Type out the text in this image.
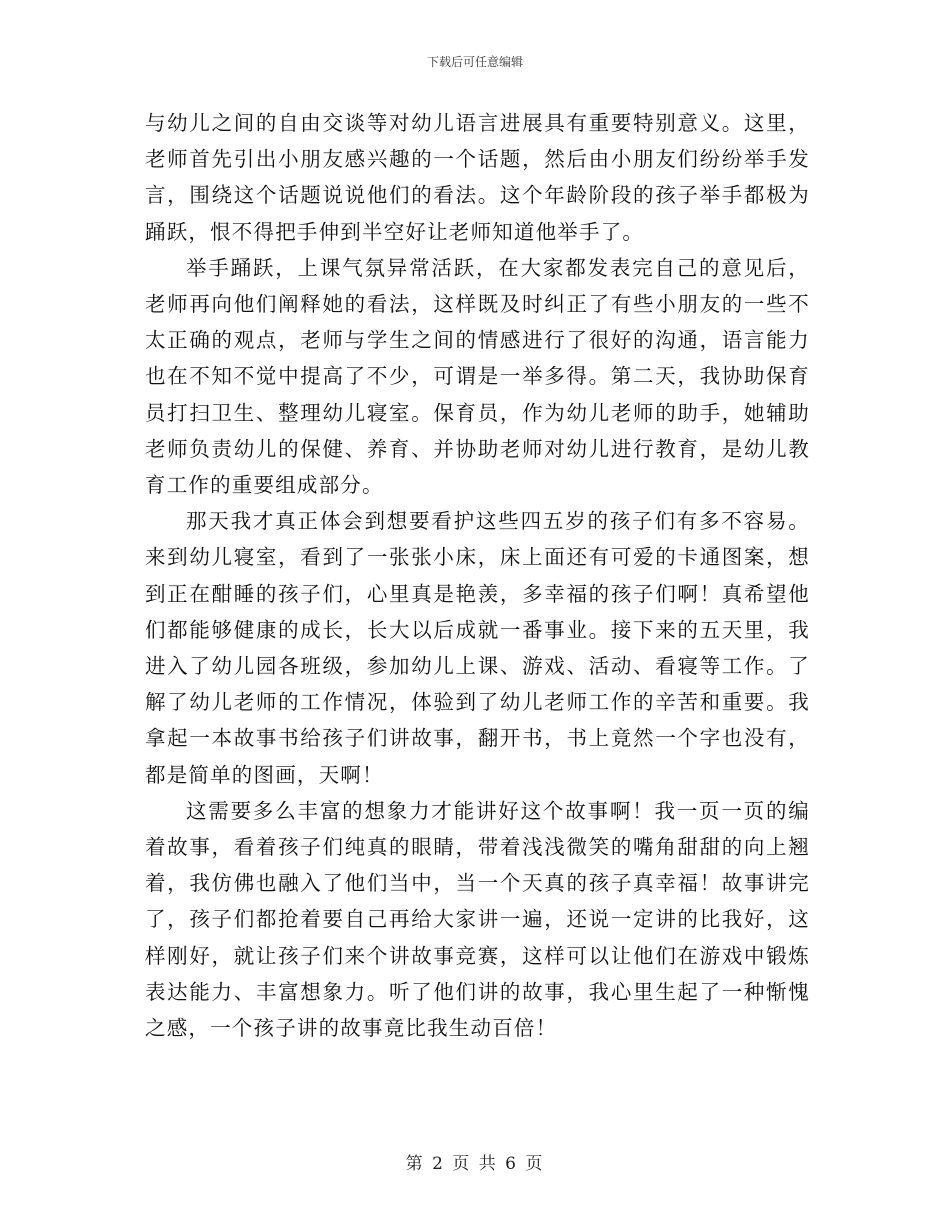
下载后可任意编辑

与幼儿之间的自由交谈等对幼儿语言进展具有重要特别意义。这里，老师首先引出小朋友感兴趣的一个话题，然后由小朋友们纷纷举手发言，围绕这个话题说说他们的看法。这个年龄阶段的孩子举手都极为踊跃，恨不得把手伸到半空好让老师知道他举手了。

举手踊跃，上课气氛异常活跃，在大家都发表完自己的意见后，老师再向他们阐释她的看法，这样既及时纠正了有些小朋友的一些不太正确的观点，老师与学生之间的情感进行了很好的沟通，语言能力也在不知不觉中提高了不少，可谓是一举多得。第二天，我协助保育员打扫卫生、整理幼儿寝室。保育员，作为幼儿老师的助手，她辅助老师负责幼儿的保健、养育、并协助老师对幼儿进行教育，是幼儿教育工作的重要组成部分。

那天我才真正体会到想要看护这些四五岁的孩子们有多不容易。来到幼儿寝室，看到了一张张小床，床上面还有可爱的卡通图案，想到正在酣睡的孩子们，心里真是艳羡，多幸福的孩子们啊！真希望他们都能够健康的成长，长大以后成就一番事业。接下来的五天里，我进入了幼儿园各班级，参加幼儿上课、游戏、活动、看寝等工作。了解了幼儿老师的工作情况，体验到了幼儿老师工作的辛苦和重要。我拿起一本故事书给孩子们讲故事，翻开书，书上竟然一个字也没有，都是简单的图画，天啊！

这需要多么丰富的想象力才能讲好这个故事啊！我一页一页的编着故事，看着孩子们纯真的眼睛，带着浅浅微笑的嘴角甜甜的向上翘着，我仿佛也融入了他们当中，当一个天真的孩子真幸福！故事讲完了，孩子们都抢着要自己再给大家讲一遍，还说一定讲的比我好，这样刚好，就让孩子们来个讲故事竞赛，这样可以让他们在游戏中锻炼表达能力、丰富想象力。听了他们讲的故事，我心里生起了一种惭愧之感，一个孩子讲的故事竟比我生动百倍！

第 2 页 共 6 页
